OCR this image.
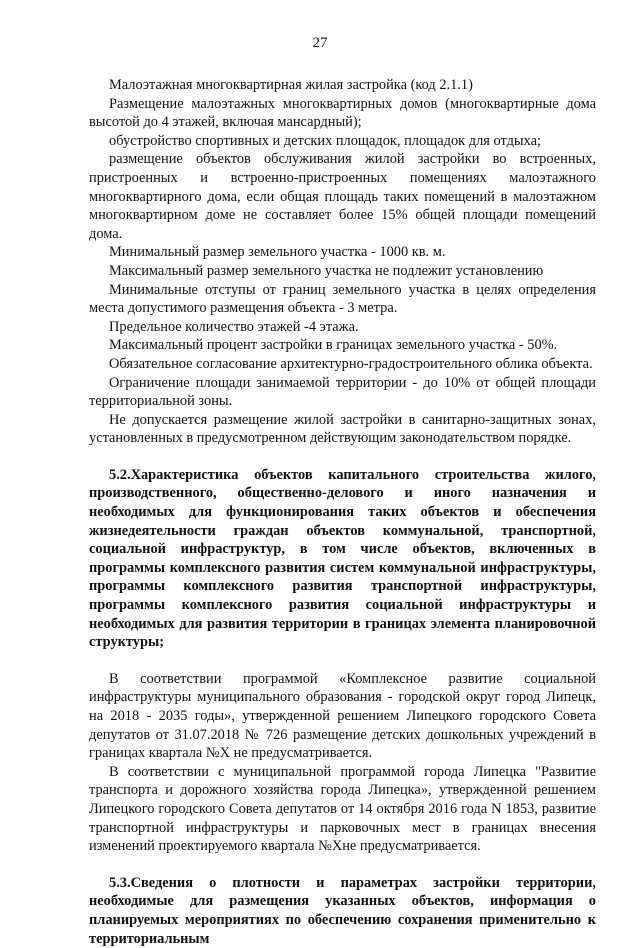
27

Малоэтажная многоквартирная жилая застройка (код 2.1.1)

Размещение малоэтажных многоквартирных домов (многоквартирные дома высотой до 4 этажей, включая мансардный);

обустройство спортивных и детских площадок, площадок для отдыха;

размещение объектов обслуживания жилой застройки во встроенных, пристроенных и встроенно-пристроенных помещениях малоэтажного многоквартирного дома, если общая площадь таких помещений в малоэтажном многоквартирном доме не составляет более 15% общей площади помещений дома.

Минимальный размер земельного участка - 1000 кв. м.

Максимальный размер земельного участка не подлежит установлению

Минимальные отступы от границ земельного участка в целях определения места допустимого размещения объекта - 3 метра.

Предельное количество этажей -4 этажа.

Максимальный процент застройки в границах земельного участка - 50%.

Обязательное согласование архитектурно-градостроительного облика объекта.

Ограничение площади занимаемой территории - до 10% от общей площади территориальной зоны.

Не допускается размещение жилой застройки в санитарно-защитных зонах, установленных в предусмотренном действующим законодательством порядке.

5.2.Характеристика объектов капитального строительства жилого, производственного, общественно-делового и иного назначения и необходимых для функционирования таких объектов и обеспечения жизнедеятельности граждан объектов коммунальной, транспортной, социальной инфраструктур, в том числе объектов, включенных в программы комплексного развития систем коммунальной инфраструктуры, программы комплексного развития транспортной инфраструктуры, программы комплексного развития социальной инфраструктуры и необходимых для развития территории в границах элемента планировочной структуры;

В соответствии программой «Комплексное развитие социальной инфраструктуры муниципального образования - городской округ город Липецк, на 2018 - 2035 годы», утвержденной решением Липецкого городского Совета депутатов от 31.07.2018 № 726 размещение детских дошкольных учреждений в границах квартала №Х не предусматривается.

В соответствии с муниципальной программой города Липецка "Развитие транспорта и дорожного хозяйства города Липецка», утвержденной решением Липецкого городского Совета депутатов от 14 октября 2016 года N 1853, развитие транспортной инфраструктуры и парковочных мест в границах внесения изменений проектируемого квартала №Хне предусматривается.

5.3.Сведения о плотности и параметрах застройки территории, необходимые для размещения указанных объектов, информация о планируемых мероприятиях по обеспечению сохранения применительно к территориальным
